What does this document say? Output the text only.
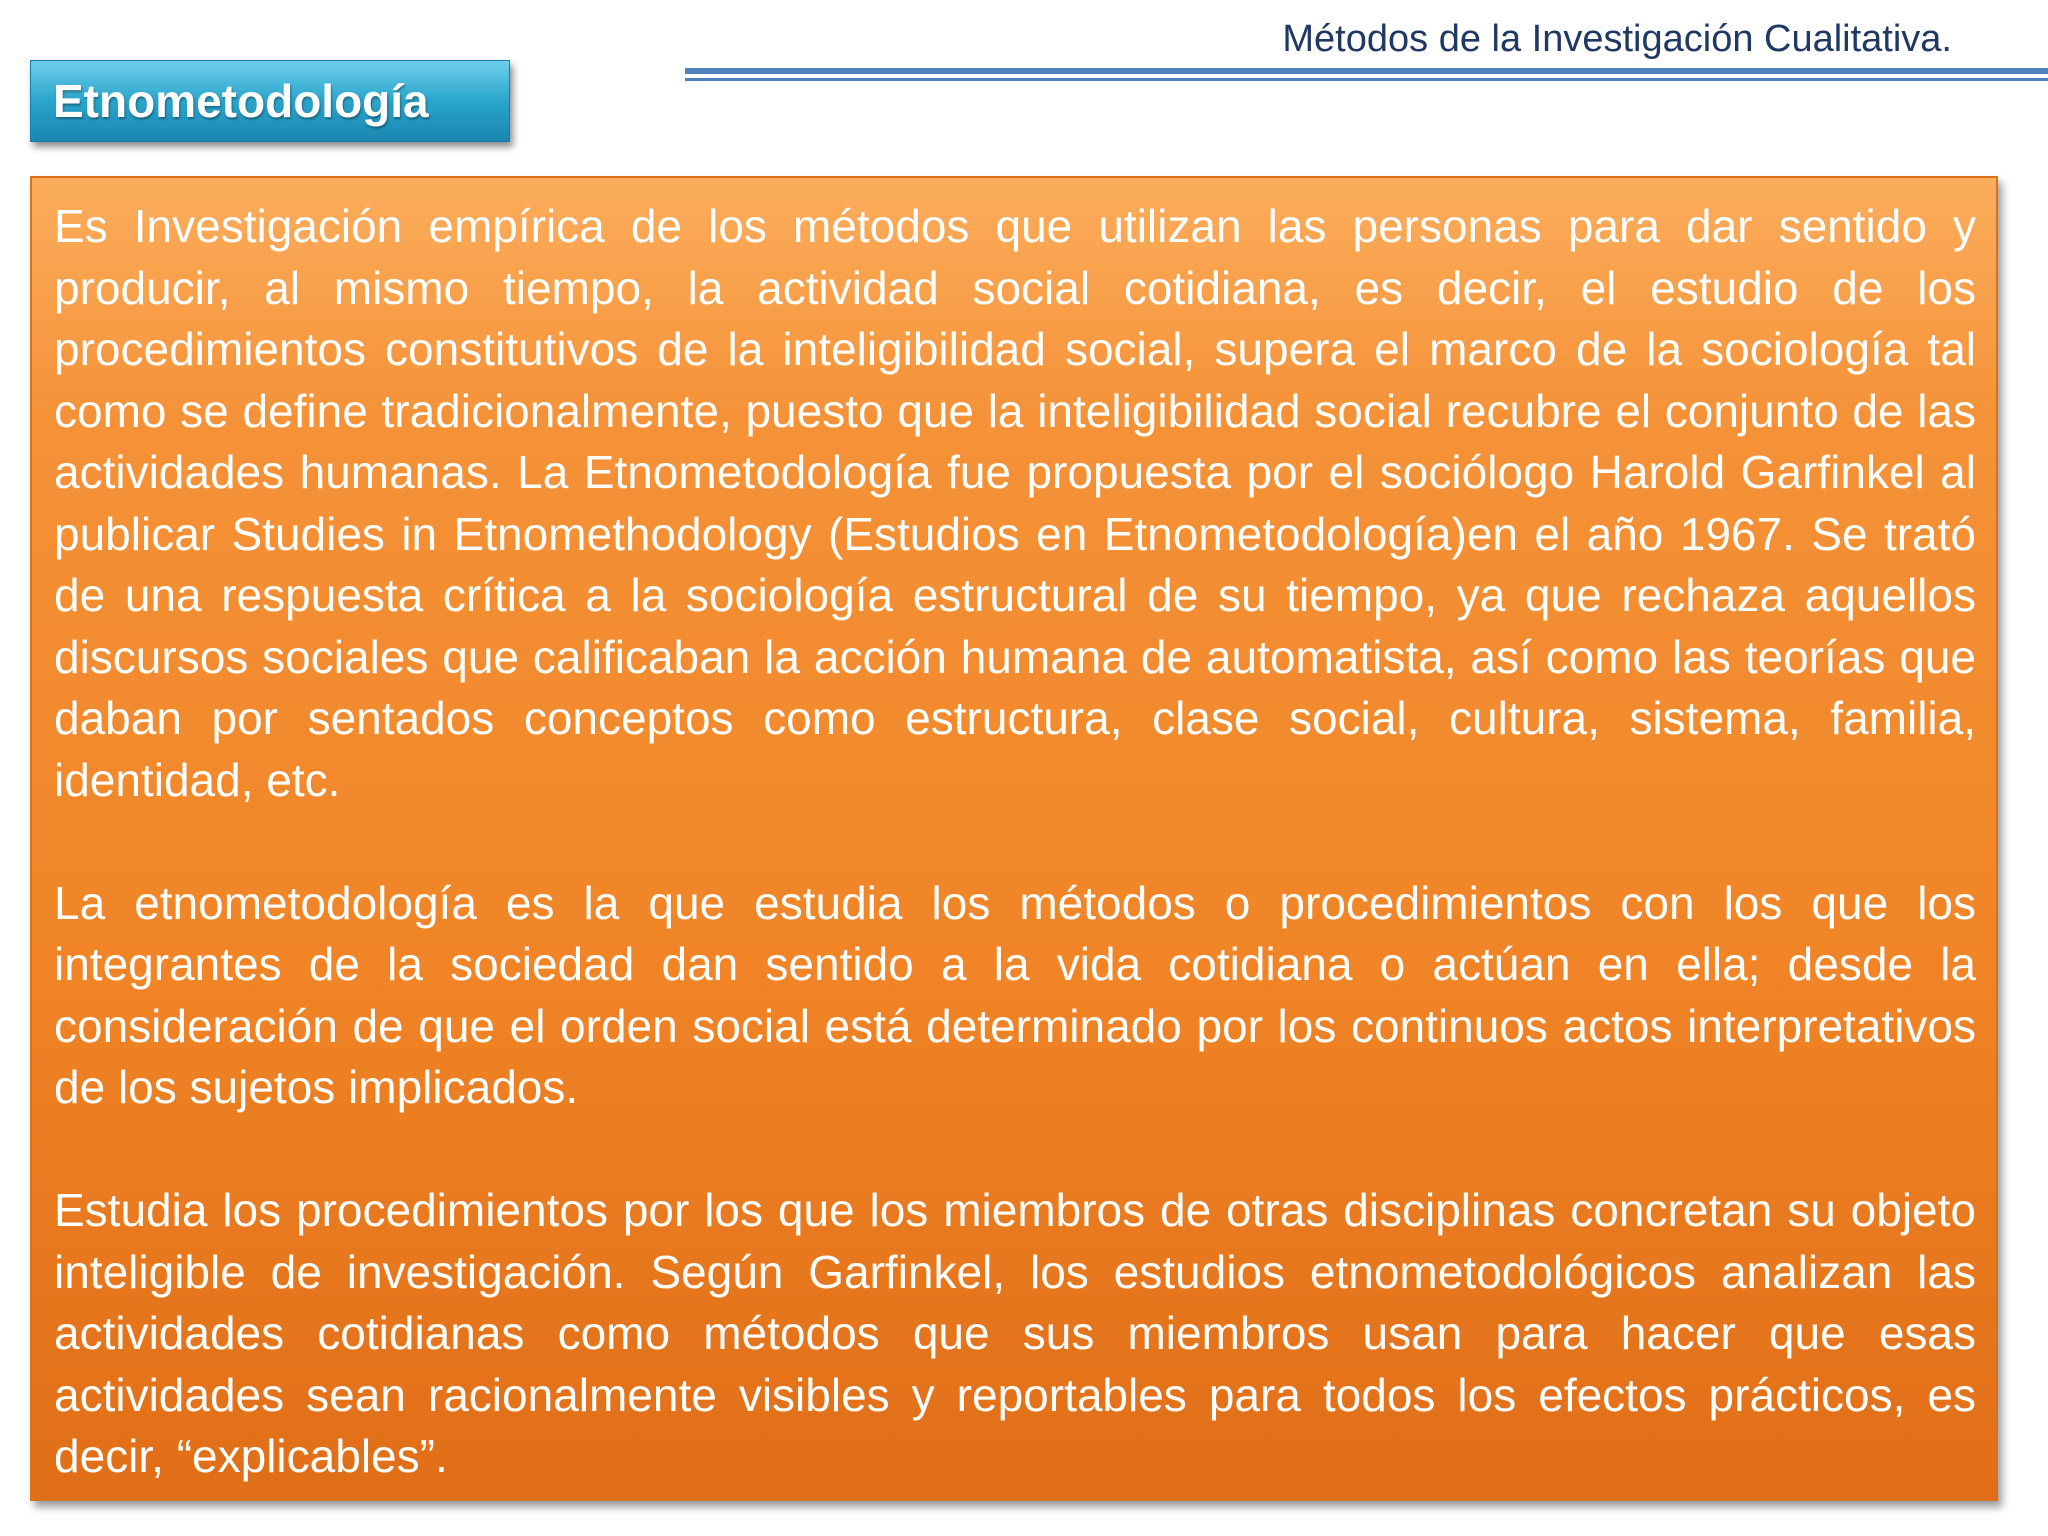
Métodos de la Investigación Cualitativa.
Etnometodología

Es Investigación empírica de los métodos que utilizan las personas para dar sentido y producir, al mismo tiempo, la actividad social cotidiana, es decir, el estudio de los procedimientos constitutivos de la inteligibilidad social, supera el marco de la sociología tal como se define tradicionalmente, puesto que la inteligibilidad social recubre el conjunto de las actividades humanas. La Etnometodología fue propuesta por el sociólogo Harold Garfinkel al publicar Studies in Etnomethodology (Estudios en Etnometodología)en el año 1967. Se trató de una respuesta crítica a la sociología estructural de su tiempo, ya que rechaza aquellos discursos sociales que calificaban la acción humana de automatista, así como las teorías que daban por sentados conceptos como estructura, clase social, cultura, sistema, familia, identidad, etc.

La etnometodología es la que estudia los métodos o procedimientos con los que los integrantes de la sociedad dan sentido a la vida cotidiana o actúan en ella; desde la consideración de que el orden social está determinado por los continuos actos interpretativos de los sujetos implicados.

Estudia los procedimientos por los que los miembros de otras disciplinas concretan su objeto inteligible de investigación. Según Garfinkel, los estudios etnometodológicos analizan las actividades cotidianas como métodos que sus miembros usan para hacer que esas actividades sean racionalmente visibles y reportables para todos los efectos prácticos, es decir, “explicables”.
